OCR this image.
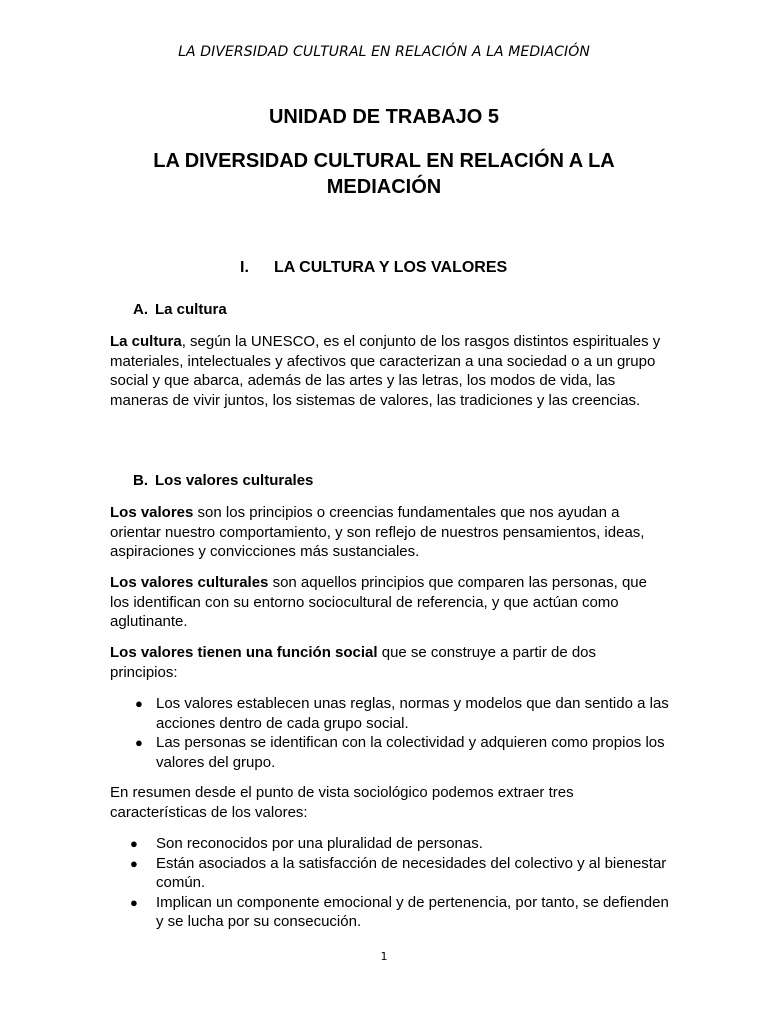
LA DIVERSIDAD CULTURAL EN RELACIÓN A LA MEDIACIÓN
UNIDAD DE TRABAJO 5
LA DIVERSIDAD CULTURAL EN RELACIÓN A LA MEDIACIÓN
I. LA CULTURA Y LOS VALORES
A. La cultura

La cultura, según la UNESCO, es el conjunto de los rasgos distintos espirituales y materiales, intelectuales y afectivos que caracterizan a una sociedad o a un grupo social y que abarca, además de las artes y las letras, los modos de vida, las maneras de vivir juntos, los sistemas de valores, las tradiciones y las creencias.

B. Los valores culturales

Los valores son los principios o creencias fundamentales que nos ayudan a orientar nuestro comportamiento, y son reflejo de nuestros pensamientos, ideas, aspiraciones y convicciones más sustanciales.

Los valores culturales son aquellos principios que comparen las personas, que los identifican con su entorno sociocultural de referencia, y que actúan como aglutinante.

Los valores tienen una función social que se construye a partir de dos principios:

● Los valores establecen unas reglas, normas y modelos que dan sentido a las acciones dentro de cada grupo social.
● Las personas se identifican con la colectividad y adquieren como propios los valores del grupo.

En resumen desde el punto de vista sociológico podemos extraer tres características de los valores:

● Son reconocidos por una pluralidad de personas.
● Están asociados a la satisfacción de necesidades del colectivo y al bienestar común.
● Implican un componente emocional y de pertenencia, por tanto, se defienden y se lucha por su consecución.
1
